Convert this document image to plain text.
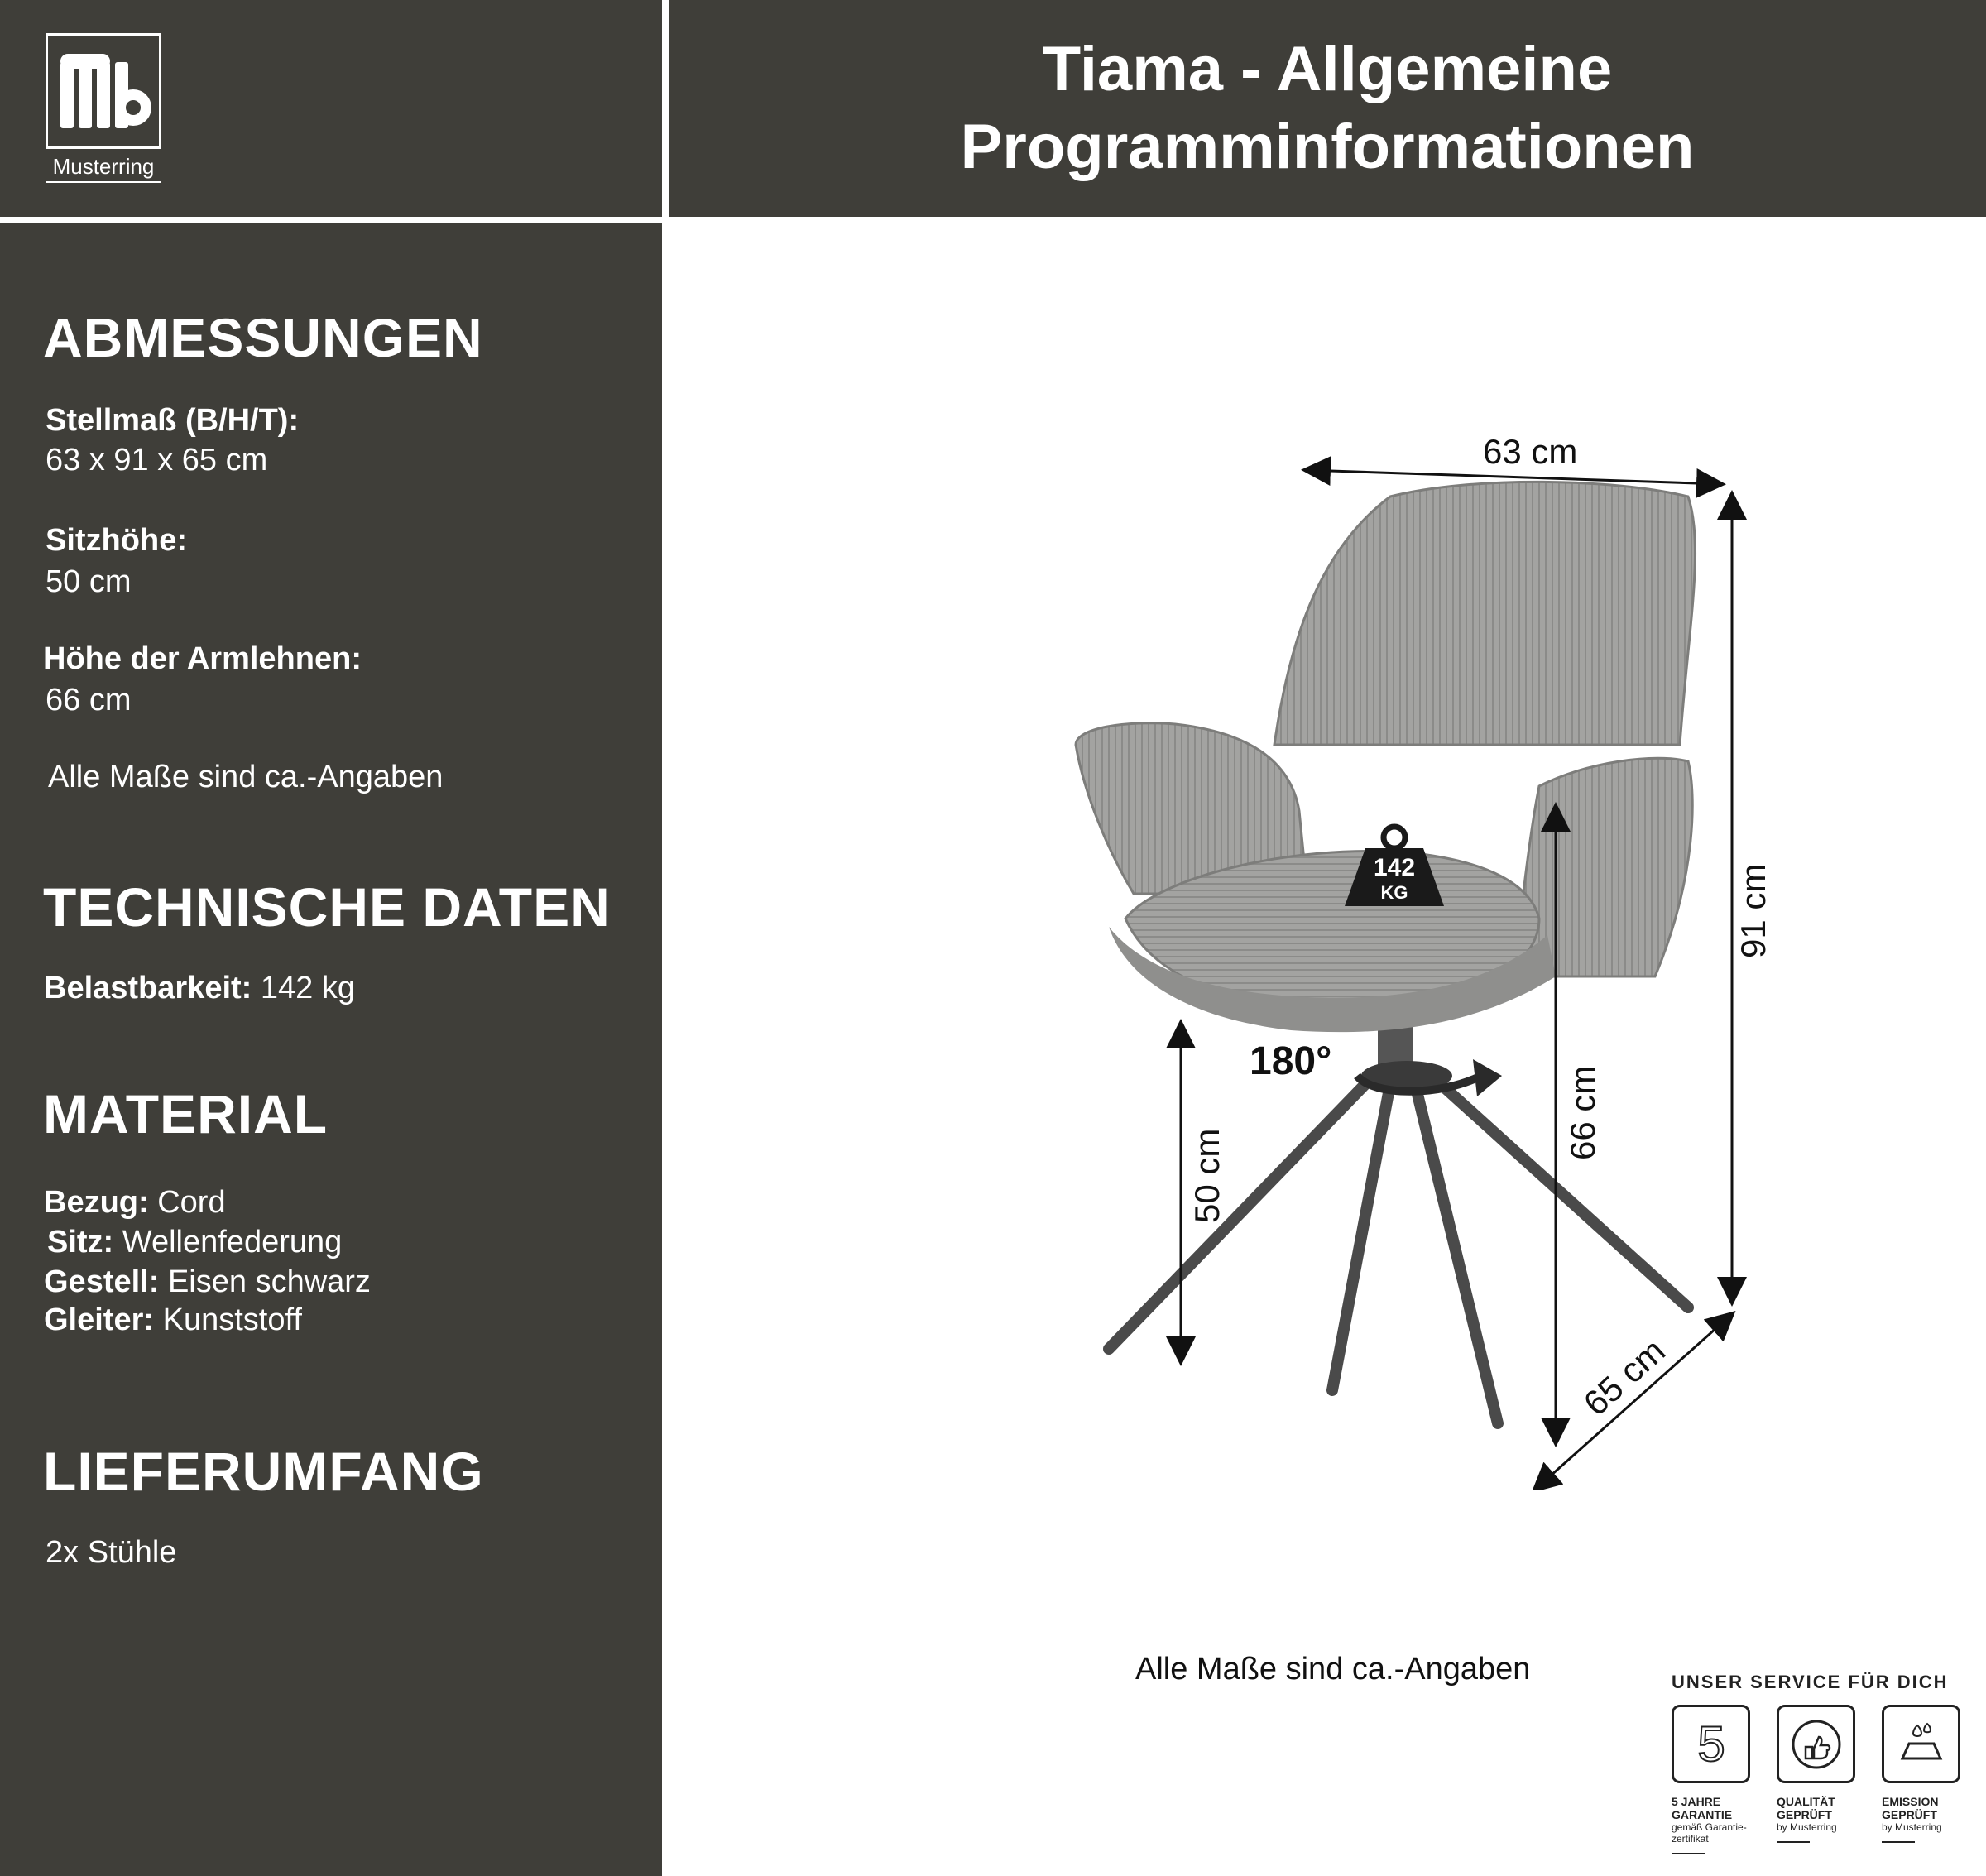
Musterring
Tiama - Allgemeine
Programminformationen
ABMESSUNGEN
Stellmaß (B/H/T):
63 x 91 x 65 cm
Sitzhöhe:
50 cm
Höhe der Armlehnen:
66 cm
Alle Maße sind ca.-Angaben
TECHNISCHE DATEN
Belastbarkeit: 142 kg
MATERIAL
Bezug: Cord
Sitz: Wellenfederung
Gestell: Eisen schwarz
Gleiter: Kunststoff
LIEFERUMFANG
2x Stühle
142
KG
180°
63 cm
91 cm
66 cm
50 cm
65 cm
Alle Maße sind ca.-Angaben	UNSER SERVICE FÜR DICH
5
5 JAHRE GARANTIE
gemäß Garantie-zertifikat
QUALITÄT GEPRÜFT
by Musterring
EMISSION GEPRÜFT
by Musterring
